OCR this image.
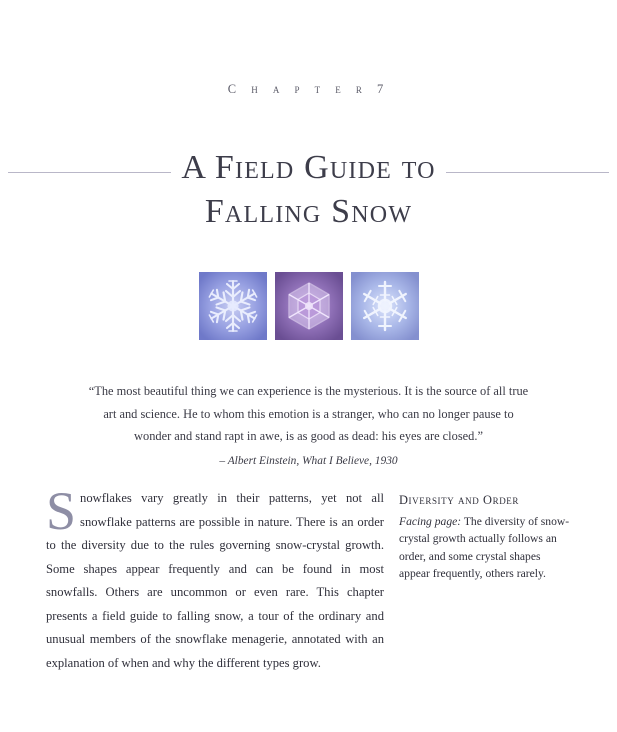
C h a p t e r 7
A Field Guide to

Falling Snow
“The most beautiful thing we can experience is the mysterious. It is the source of all true art and science. He to whom this emotion is a stranger, who can no longer pause to wonder and stand rapt in awe, is as good as dead: his eyes are closed.”
– Albert Einstein, What I Believe, 1930
Snowflakes vary greatly in their patterns, yet not all snowflake patterns are possible in nature. There is an order to the diversity due to the rules governing snow-crystal growth. Some shapes appear frequently and can be found in most snowfalls. Others are uncommon or even rare. This chapter presents a field guide to falling snow, a tour of the ordinary and unusual members of the snowflake menagerie, annotated with an explanation of when and why the different types grow.
Diversity and Order
Facing page: The diversity of snow-crystal growth actually follows an order, and some crystal shapes appear frequently, others rarely.
